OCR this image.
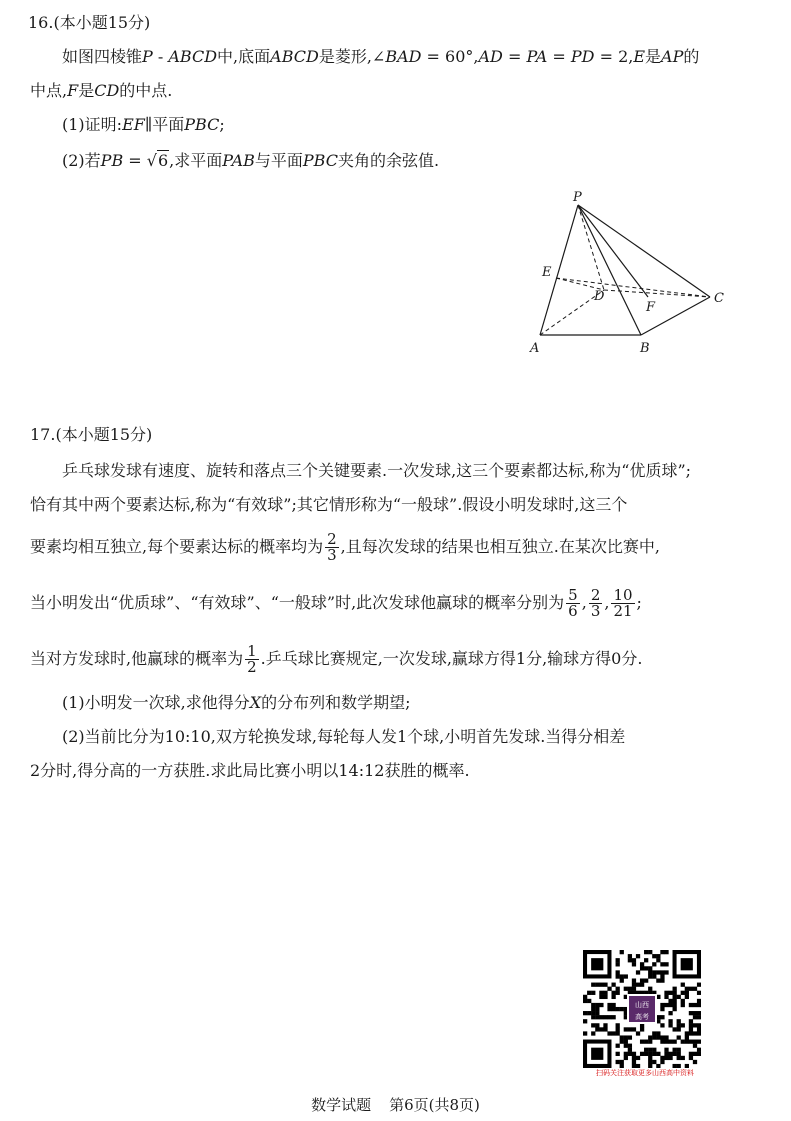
16.(本小题15分)
如图四棱锥P - ABCD中,底面ABCD是菱形,∠BAD = 60°,AD = PA = PD = 2,E是AP的
中点,F是CD的中点.
(1)证明:EF∥平面PBC;
(2)若PB = √6,求平面PAB与平面PBC夹角的余弦值.
P
E
D
F
C
A	B
17.(本小题15分)
乒乓球发球有速度、旋转和落点三个关键要素.一次发球,这三个要素都达标,称为“优质球”;
恰有其中两个要素达标,称为“有效球”;其它情形称为“一般球”.假设小明发球时,这三个
要素均相互独立,每个要素达标的概率均为 $\frac{2}{3}$ ,且每次发球的结果也相互独立.在某次比赛中,
当小明发出“优质球”、“有效球”、“一般球”时,此次发球他赢球的概率分别为 $\frac{5}{6}$ , $\frac{2}{3}$ , $\frac{10}{21}$ ;
当对方发球时,他赢球的概率为 $\frac{1}{2}$ .乒乓球比赛规定,一次发球,赢球方得1分,输球方得0分.
(1)小明发一次球,求他得分X的分布列和数学期望;
(2)当前比分为10:10,双方轮换发球,每轮每人发1个球,小明首先发球.当得分相差
2分时,得分高的一方获胜.求此局比赛小明以14:12获胜的概率.
山西
高考
扫码关注获取更多山西高中资料
数学试题 第6页(共8页)
